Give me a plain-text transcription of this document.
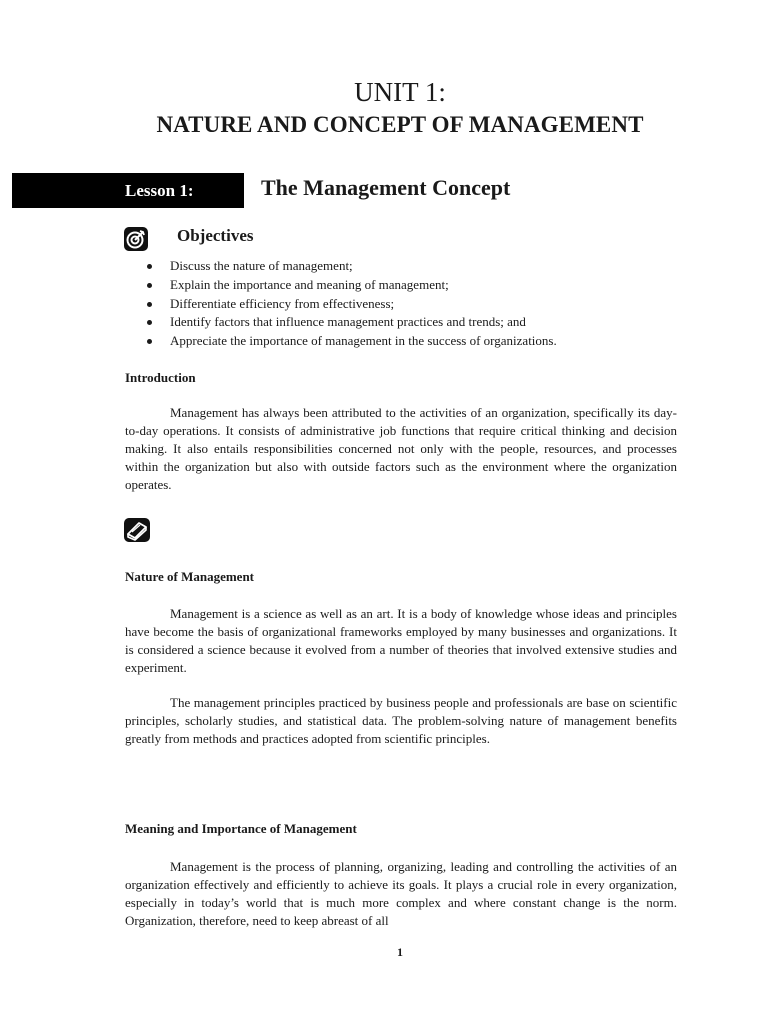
UNIT 1:
NATURE AND CONCEPT OF MANAGEMENT
Lesson 1:	The Management Concept
Objectives
Discuss the nature of management;
Explain the importance and meaning of management;
Differentiate efficiency from effectiveness;
Identify factors that influence management practices and trends; and
Appreciate the importance of management in the success of organizations.
Introduction

Management has always been attributed to the activities of an organization, specifically its day-to-day operations. It consists of administrative job functions that require critical thinking and decision making. It also entails responsibilities concerned not only with the people, resources, and processes within the organization but also with outside factors such as the environment where the organization operates.

Nature of Management

Management is a science as well as an art. It is a body of knowledge whose ideas and principles have become the basis of organizational frameworks employed by many businesses and organizations. It is considered a science because it evolved from a number of theories that involved extensive studies and experiment.

The management principles practiced by business people and professionals are base on scientific principles, scholarly studies, and statistical data. The problem-solving nature of management benefits greatly from methods and practices adopted from scientific principles.

Meaning and Importance of Management

Management is the process of planning, organizing, leading and controlling the activities of an organization effectively and efficiently to achieve its goals. It plays a crucial role in every organization, especially in today’s world that is much more complex and where constant change is the norm. Organization, therefore, need to keep abreast of all

1
